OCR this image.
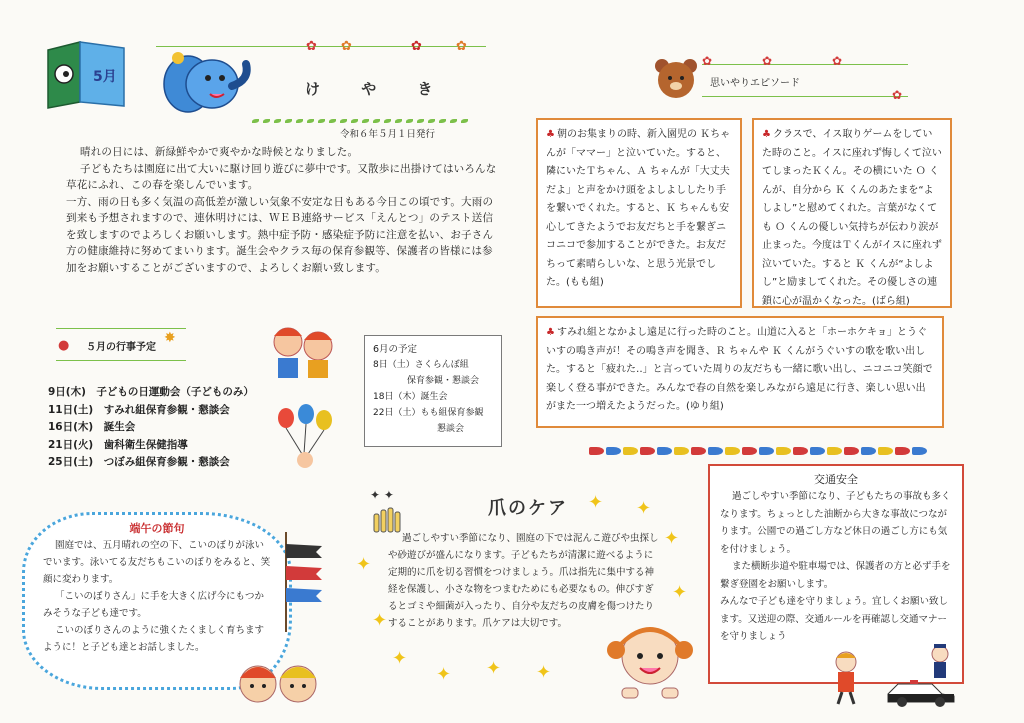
5月
け や き
✿ ✿	✿	✿
令和６年５月１日発行
晴れの日には、新緑鮮やかで爽やかな時候となりました。
子どもたちは園庭に出て大いに駆け回り遊びに夢中です。又散歩に出掛けてはいろんな草花にふれ、この春を楽しんでいます。
一方、雨の日も多く気温の高低差が激しい気象不安定な日もある今日この頃です。大雨の到来も予想されますので、連休明けには、ＷＥＢ連絡サービス「えんとつ」のテスト送信を致しますのでよろしくお願いします。熱中症予防・感染症予防に注意を払い、お子さん方の健康維持に努めてまいります。誕生会やクラス毎の保育参観等、保護者の皆様には参加をお願いすることがございますので、よろしくお願い致します。
● ５月の行事予定
✸
9日(木)　 子どもの日運動会（子どものみ）
11日(土)　 すみれ組保育参観・懇談会
16日(木)　 誕生会
21日(火)　 歯科衛生保健指導
25日(土)　 つぼみ組保育参観・懇談会
6月の予定
8日（土）さくらんぼ組
保育参観・懇談会
18日（木）誕生会
22日（土）もも組保育参観
懇談会
端午の節句
園庭では、五月晴れの空の下、こいのぼりが泳いでいます。泳いてる友だちもこいのぼりをみると、笑顔に変わります。
「こいのぼりさん」に手を大きく広げ今にもつかみそうな子ども達です。
こいのぼりさんのように強くたくましく育ちますように！と子ども達とお話しました。
✦ ✦
爪のケア
過ごしやすい季節になり、園庭の下では泥んこ遊びや虫探しや砂遊びが盛んになります。子どもたちが清潔に遊べるように定期的に爪を切る習慣をつけましょう。爪は指先に集中する神経を保護し、小さな物をつまむためにも必要なもの。伸びすぎるとゴミや細菌が入ったり、自分や友だちの皮膚を傷つけたりすることがあります。爪ケアは大切です。
✦
✦
✦
✦ ✦ ✦
✦ ✦
✦
✦
✿	✿	✿
✿
思いやりエピソード
♣ 朝のお集まりの時、新入園児の Ｋちゃんが「ママー」と泣いていた。すると、隣にいたＴちゃん、Ａ ちゃんが「大丈夫だよ」と声をかけ頭をよしよししたり手を繋いでくれた。すると、Ｋ ちゃんも安心してきたようでお友だちと手を繋ぎニコニコで参加することができた。お友だちって素晴らしいな、と思う光景でした。(もも組)
♣ クラスで、イス取りゲームをしていた時のこと。イスに座れず悔しくて泣いてしまったＫくん。その横にいた Ｏ くんが、自分から Ｋ くんのあたまを“よしよし”と慰めてくれた。言葉がなくても Ｏ くんの優しい気持ちが伝わり涙が止まった。今度はＴくんがイスに座れず泣いていた。すると Ｋ くんが“よしよし”と励ましてくれた。その優しさの連鎖に心が温かくなった。(ばら組)
♣ すみれ組となかよし遠足に行った時のこと。山道に入ると「ホーホケキョ」とうぐいすの鳴き声が！その鳴き声を聞き、Ｒ ちゃんや Ｋ くんがうぐいすの歌を歌い出した。すると「疲れた‥」と言っていた周りの友だちも一緒に歌い出し、ニコニコ笑顔で楽しく登る事ができた。みんなで春の自然を楽しみながら遠足に行き、楽しい思い出がまた一つ増えたようだった。(ゆり組)
交通安全
過ごしやすい季節になり、子どもたちの事故も多くなります。ちょっとした油断から大きな事故につながります。公園での過ごし方など休日の過ごし方にも気を付けましょう。
また横断歩道や駐車場では、保護者の方と必ず手を繋ぎ登園をお願いします。
みんなで子ども達を守りましょう。宜しくお願い致します。又送迎の際、交通ルールを再確認し交通マナーを守りましょう
